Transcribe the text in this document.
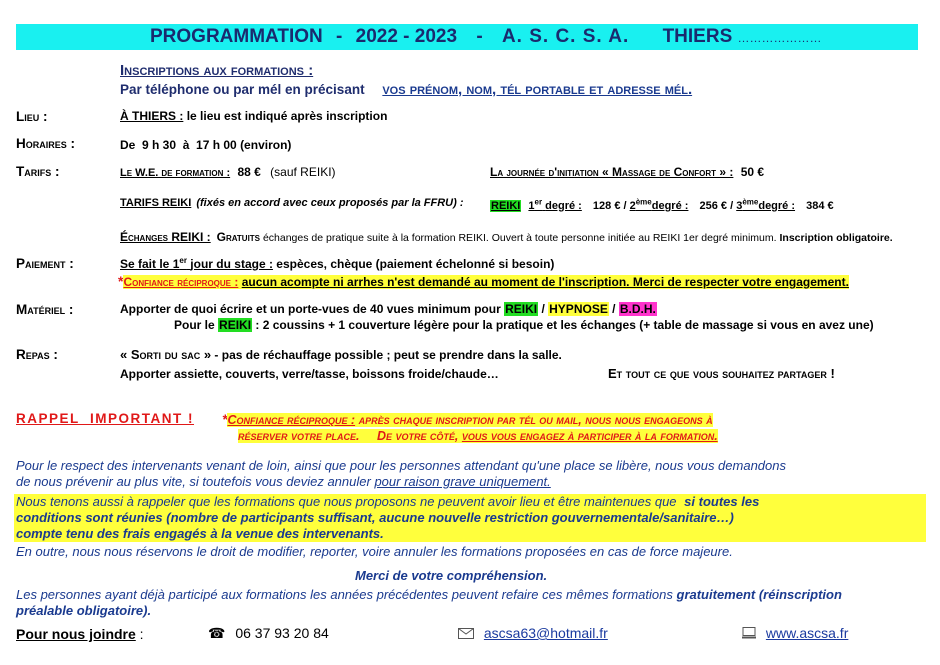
PROGRAMMATION - 2022 - 2023 - A. S. C. S. A. THIERS …………………
Inscriptions aux formations :
Par téléphone ou par mél en précisant vos prénom, nom, tél portable et adresse mél.
Lieu :	À THIERS : le lieu est indiqué après inscription
Horaires :	De  9 h 30  à  17 h 00 (environ)
Tarifs :	Le W.E. de formation : 88 € (sauf REIKI)	La journée d'initiation « Massage de Confort » : 50 €
TARIFS REIKI (fixés en accord avec ceux proposés par la FFRU) : REIKI 1er degré : 128 € / 2èmedegré : 256 € / 3èmedegré : 384 €
Échanges REIKI : Gratuits échanges de pratique suite à la formation REIKI. Ouvert à toute personne initiée au REIKI 1er degré minimum. Inscription obligatoire.
Paiement :	Se fait le 1er jour du stage : espèces, chèque (paiement échelonné si besoin)
*Confiance réciproque : aucun acompte ni arrhes n'est demandé au moment de l'inscription. Merci de respecter votre engagement.
Matériel :	Apporter de quoi écrire et un porte-vues de 40 vues minimum pour REIKI / HYPNOSE / B.D.H.
Pour le REIKI : 2 coussins + 1 couverture légère pour la pratique et les échanges (+ table de massage si vous en avez une)
Repas :	« Sorti du sac » - pas de réchauffage possible ; peut se prendre dans la salle.
Apporter assiette, couverts, verre/tasse, boissons froide/chaude…	Et tout ce que vous souhaitez partager !
RAPPEL  IMPORTANT ! *Confiance réciproque : après chaque inscription par tél ou mail, nous nous engageons à
réserver votre place. De votre côté, vous vous engagez à participer à la formation.
Pour le respect des intervenants venant de loin, ainsi que pour les personnes attendant qu'une place se libère, nous vous demandons
de nous prévenir au plus vite, si toutefois vous deviez annuler pour raison grave uniquement.
Nous tenons aussi à rappeler que les formations que nous proposons ne peuvent avoir lieu et être maintenues que si toutes les
conditions sont réunies (nombre de participants suffisant, aucune nouvelle restriction gouvernementale/sanitaire…)
compte tenu des frais engagés à la venue des intervenants.
En outre, nous nous réservons le droit de modifier, reporter, voire annuler les formations proposées en cas de force majeure.
Merci de votre compréhension.
Les personnes ayant déjà participé aux formations les années précédentes peuvent refaire ces mêmes formations gratuitement (réinscription
préalable obligatoire).
Pour nous joindre :	☎ 06 37 93 20 84	ascsa63@hotmail.fr	www.ascsa.fr
